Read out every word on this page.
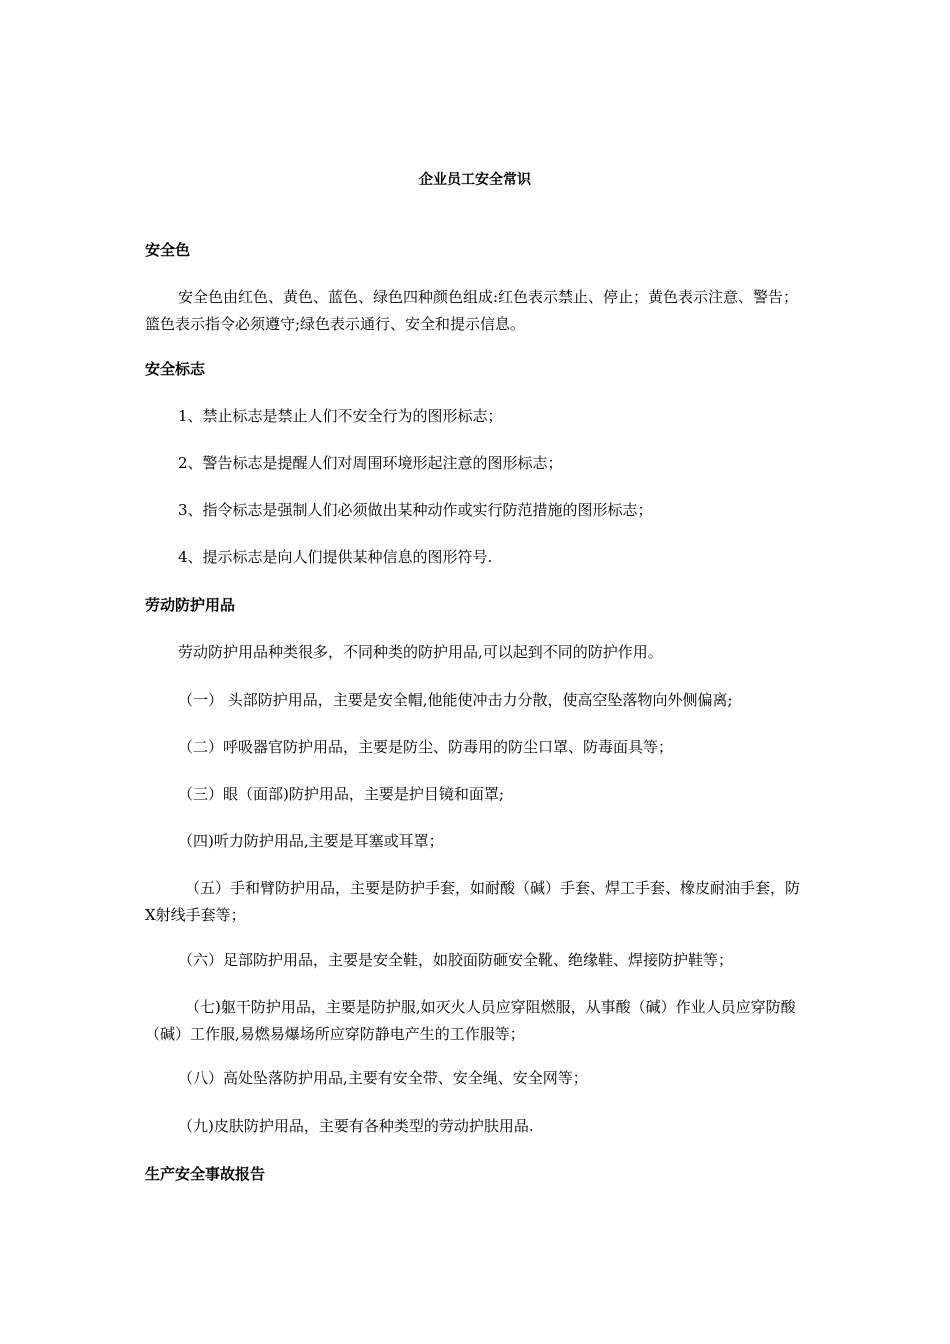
企业员工安全常识
安全色
安全色由红色、黄色、蓝色、绿色四种颜色组成:红色表示禁止、停止；黄色表示注意、警告；篮色表示指令必须遵守;绿色表示通行、安全和提示信息。
安全标志
1、禁止标志是禁止人们不安全行为的图形标志；
2、警告标志是提醒人们对周围环境形起注意的图形标志；
3、指令标志是强制人们必须做出某种动作或实行防范措施的图形标志；
4、提示标志是向人们提供某种信息的图形符号.
劳动防护用品
劳动防护用品种类很多，不同种类的防护用品,可以起到不同的防护作用。
（一） 头部防护用品，主要是安全帽,他能使冲击力分散，使高空坠落物向外侧偏离;
（二）呼吸器官防护用品，主要是防尘、防毒用的防尘口罩、防毒面具等；
（三）眼（面部)防护用品，主要是护目镜和面罩;
（四)听力防护用品,主要是耳塞或耳罩；
（五）手和臂防护用品，主要是防护手套，如耐酸（碱）手套、焊工手套、橡皮耐油手套，防X射线手套等；
（六）足部防护用品，主要是安全鞋，如胶面防砸安全靴、绝缘鞋、焊接防护鞋等；
（七)躯干防护用品，主要是防护服,如灭火人员应穿阻燃服，从事酸（碱）作业人员应穿防酸（碱）工作服,易燃易爆场所应穿防静电产生的工作服等；
（八）高处坠落防护用品,主要有安全带、安全绳、安全网等；
（九)皮肤防护用品，主要有各种类型的劳动护肤用品.
生产安全事故报告
